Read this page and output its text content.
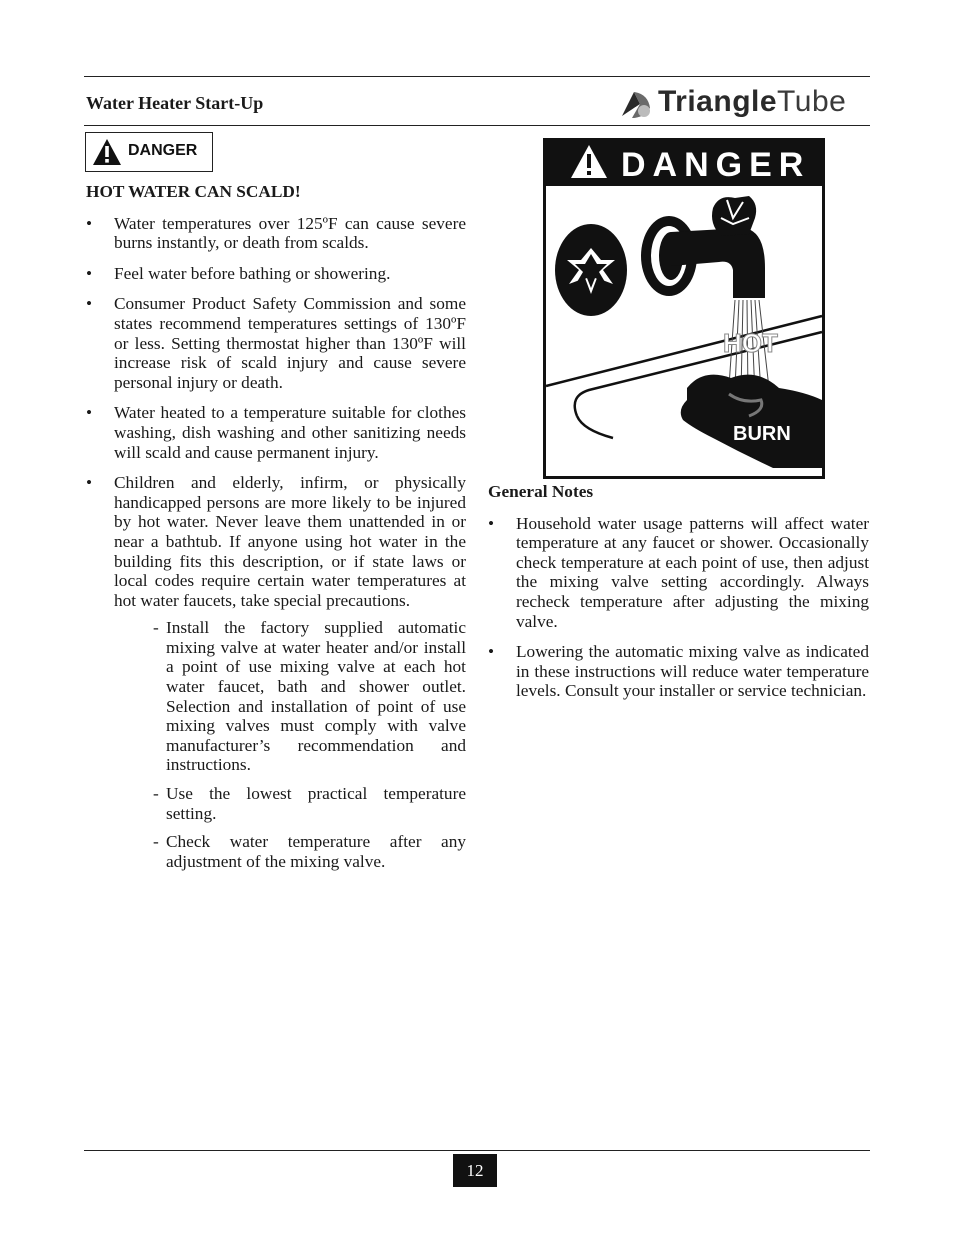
Water Heater Start-Up	TriangleTube
DANGER
HOT WATER CAN SCALD!
• Water temperatures over 125ºF can cause severe burns instantly, or death from scalds.
• Feel water before bathing or showering.
• Consumer Product Safety Commission and some states recommend temperatures settings of 130ºF or less. Setting thermostat higher than 130ºF will increase risk of scald injury and cause severe personal injury or death.
• Water heated to a temperature suitable for clothes washing, dish washing and other sanitizing needs will scald and cause permanent injury.
• Children and elderly, infirm, or physically handicapped persons are more likely to be injured by hot water. Never leave them unattended in or near a bathtub. If anyone using hot water in the building fits this description, or if state laws or local codes require certain water temperatures at hot water faucets, take special precautions.
- Install the factory supplied automatic mixing valve at water heater and/or install a point of use mixing valve at each hot water faucet, bath and shower outlet. Selection and installation of point of use mixing valves must comply with valve manufacturer’s recommendation and instructions.
- Use the lowest practical temperature setting.
- Check water temperature after any adjustment of the mixing valve.
DANGER
HOT
BURN
General Notes
• Household water usage patterns will affect water temperature at any faucet or shower. Occasionally check temperature at each point of use, then adjust the mixing valve setting accordingly. Always recheck temperature after adjusting the mixing valve.
• Lowering the automatic mixing valve as indicated in these instructions will reduce water temperature levels. Consult your installer or service technician.
12
